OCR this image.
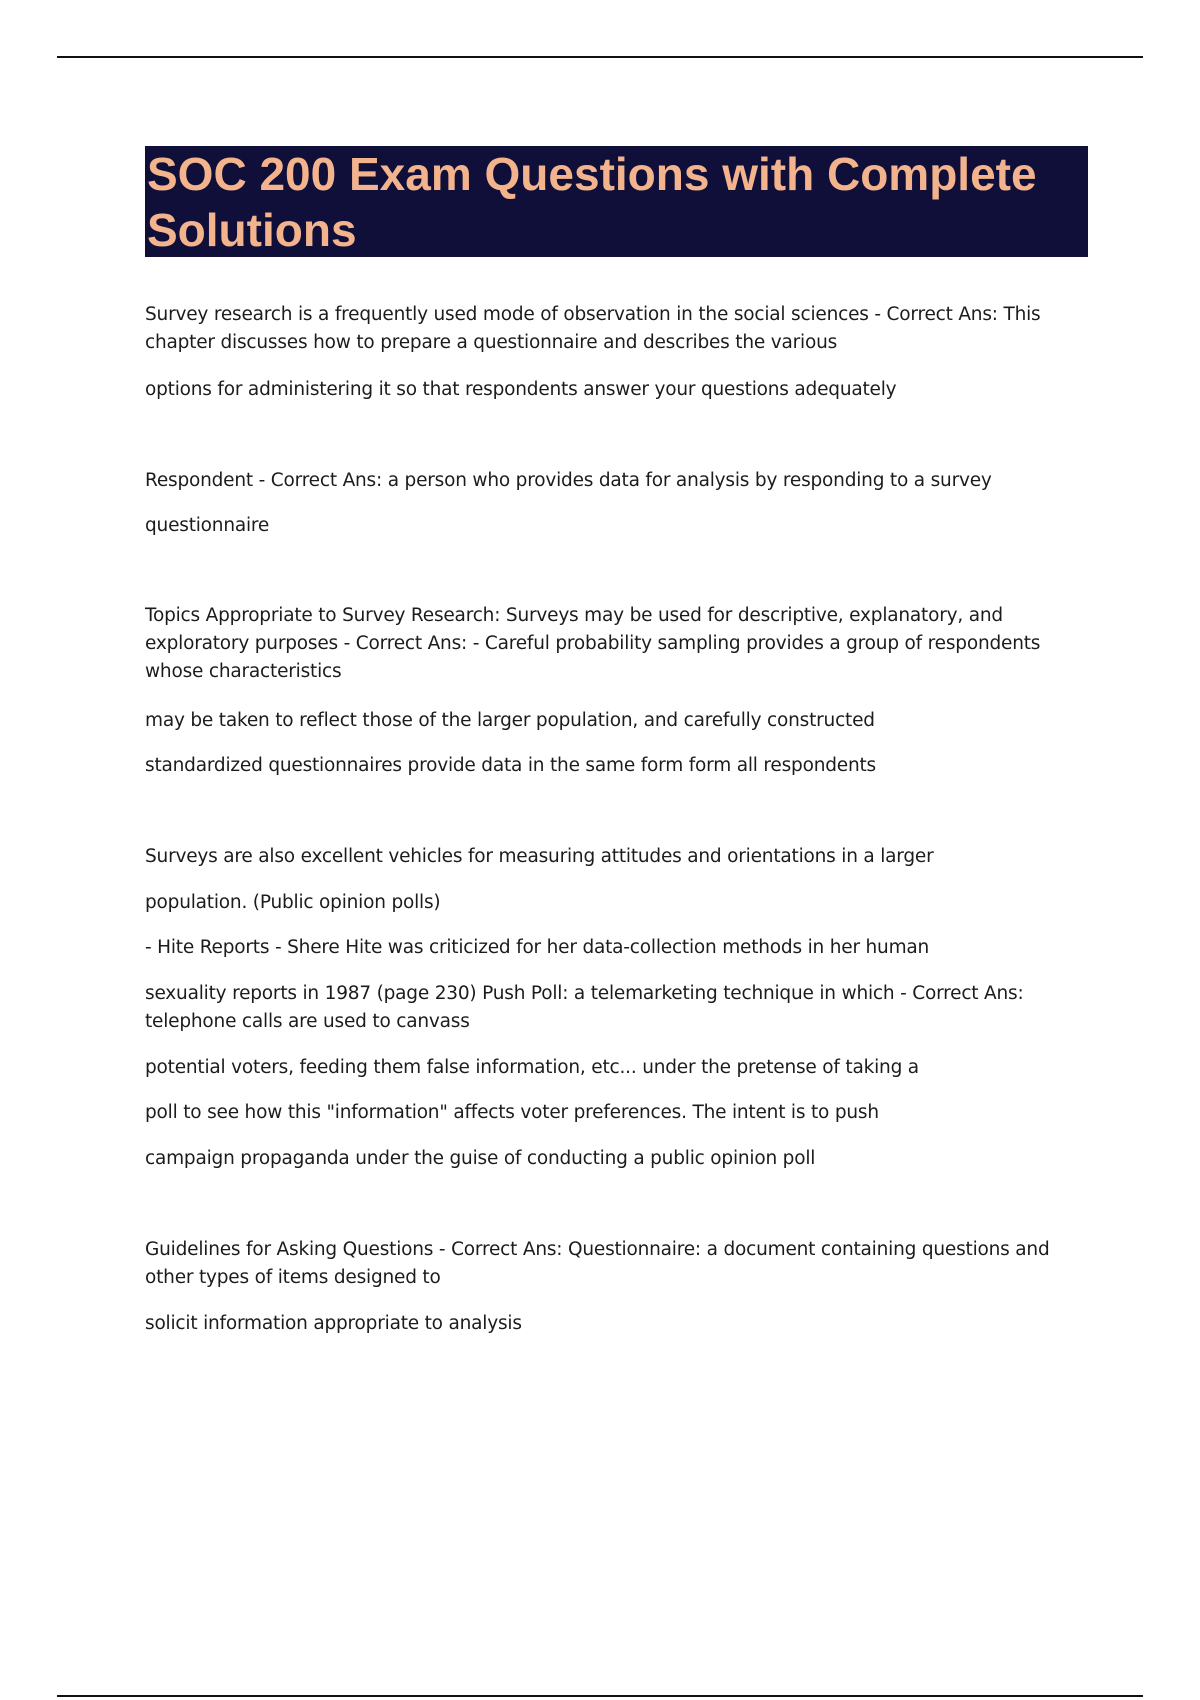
SOC 200 Exam Questions with Complete Solutions

Survey research is a frequently used mode of observation in the social sciences - Correct Ans: This chapter discusses how to prepare a questionnaire and describes the various

options for administering it so that respondents answer your questions adequately

Respondent - Correct Ans: a person who provides data for analysis by responding to a survey

questionnaire

Topics Appropriate to Survey Research: Surveys may be used for descriptive, explanatory, and exploratory purposes - Correct Ans: - Careful probability sampling provides a group of respondents whose characteristics

may be taken to reflect those of the larger population, and carefully constructed

standardized questionnaires provide data in the same form form all respondents

Surveys are also excellent vehicles for measuring attitudes and orientations in a larger

population. (Public opinion polls)

- Hite Reports - Shere Hite was criticized for her data-collection methods in her human

sexuality reports in 1987 (page 230) Push Poll: a telemarketing technique in which - Correct Ans: telephone calls are used to canvass

potential voters, feeding them false information, etc... under the pretense of taking a

poll to see how this "information" affects voter preferences. The intent is to push

campaign propaganda under the guise of conducting a public opinion poll

Guidelines for Asking Questions - Correct Ans: Questionnaire: a document containing questions and other types of items designed to

solicit information appropriate to analysis
